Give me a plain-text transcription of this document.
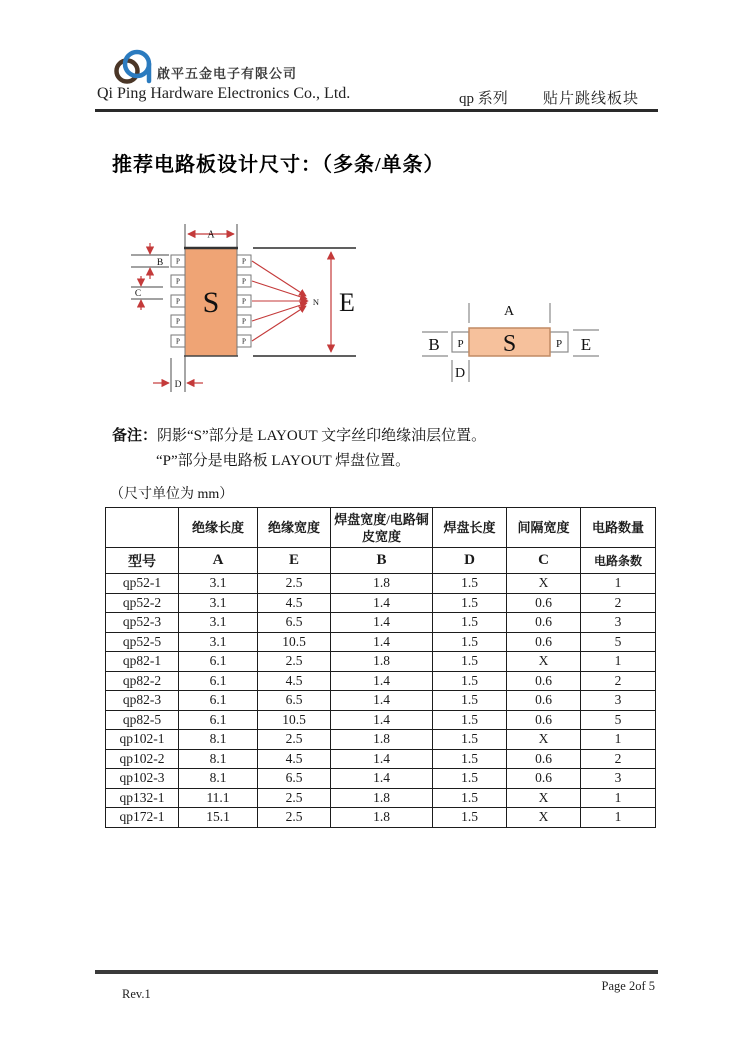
啟平五金电子有限公司
Qi Ping Hardware Electronics Co., Ltd.	qp 系列 贴片跳线板块
推荐电路板设计尺寸：（多条/单条）
S
P
P
P
P
P
P
P
P
P
P
A
B
C
D
N E	A
B	E
D
P	P
S
备注：阴影“S”部分是 LAYOUT 文字丝印绝缘油层位置。
“P”部分是电路板 LAYOUT 焊盘位置。
（尺寸单位为 mm）
	绝缘长度	绝缘宽度	焊盘宽度/电路铜皮宽度	焊盘长度	间隔宽度	电路数量
型号	A	E	B	D	C	电路条数
qp52-1	3.1	2.5	1.8	1.5	X	1
qp52-2	3.1	4.5	1.4	1.5	0.6	2
qp52-3	3.1	6.5	1.4	1.5	0.6	3
qp52-5	3.1	10.5	1.4	1.5	0.6	5
qp82-1	6.1	2.5	1.8	1.5	X	1
qp82-2	6.1	4.5	1.4	1.5	0.6	2
qp82-3	6.1	6.5	1.4	1.5	0.6	3
qp82-5	6.1	10.5	1.4	1.5	0.6	5
qp102-1	8.1	2.5	1.8	1.5	X	1
qp102-2	8.1	4.5	1.4	1.5	0.6	2
qp102-3	8.1	6.5	1.4	1.5	0.6	3
qp132-1	11.1	2.5	1.8	1.5	X	1
qp172-1	15.1	2.5	1.8	1.5	X	1
Rev.1
Page 2of 5
